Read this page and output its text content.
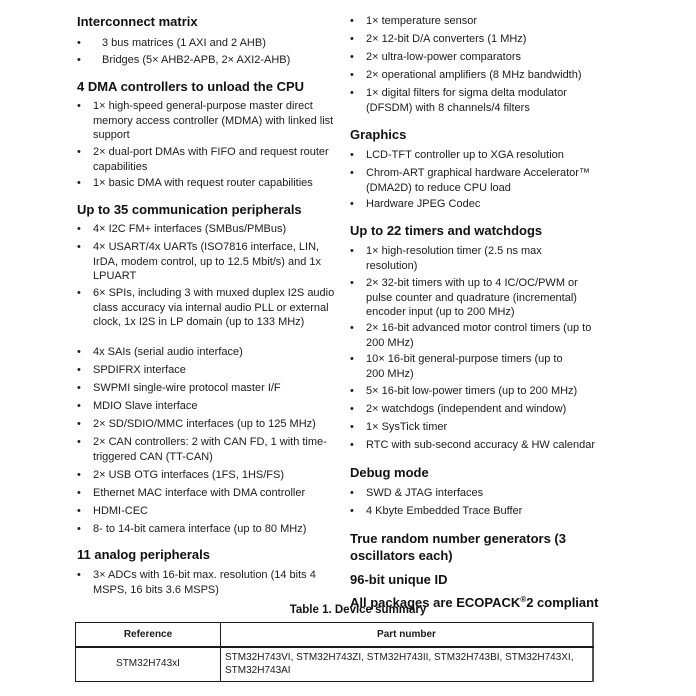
Interconnect matrix
•	3 bus matrices (1 AXI and 2 AHB)
•	Bridges (5× AHB2-APB, 2× AXI2-AHB)
4 DMA controllers to unload the CPU
•	1× high-speed general-purpose master direct memory access controller (MDMA) with linked list support
•	2× dual-port DMAs with FIFO and request router capabilities
•	1× basic DMA with request router capabilities
Up to 35 communication peripherals
•	4× I2C FM+ interfaces (SMBus/PMBus)
•	4× USART/4x UARTs (ISO7816 interface, LIN, IrDA, modem control, up to 12.5 Mbit/s) and 1x LPUART
•	6× SPIs, including 3 with muxed duplex I2S audio class accuracy via internal audio PLL or external clock, 1x I2S in LP domain (up to 133 MHz)
•	4x SAIs (serial audio interface)
•	SPDIFRX interface
•	SWPMI single-wire protocol master I/F
•	MDIO Slave interface
•	2× SD/SDIO/MMC interfaces (up to 125 MHz)
•	2× CAN controllers: 2 with CAN FD, 1 with time-triggered CAN (TT-CAN)
•	2× USB OTG interfaces (1FS, 1HS/FS)
•	Ethernet MAC interface with DMA controller
•	HDMI-CEC
•	8- to 14-bit camera interface (up to 80 MHz)
11 analog peripherals
•	3× ADCs with 16-bit max. resolution (14 bits 4 MSPS, 16 bits 3.6 MSPS)
•	1× temperature sensor
•	2× 12-bit D/A converters (1 MHz)
•	2× ultra-low-power comparators
•	2× operational amplifiers (8 MHz bandwidth)
•	1× digital filters for sigma delta modulator (DFSDM) with 8 channels/4 filters
Graphics
•	LCD-TFT controller up to XGA resolution
•	Chrom-ART graphical hardware Accelerator™ (DMA2D) to reduce CPU load
•	Hardware JPEG Codec
Up to 22 timers and watchdogs
•	1× high-resolution timer (2.5 ns max resolution)
•	2× 32-bit timers with up to 4 IC/OC/PWM or pulse counter and quadrature (incremental) encoder input (up to 200 MHz)
•	2× 16-bit advanced motor control timers (up to 200 MHz)
•	10× 16-bit general-purpose timers (up to 200 MHz)
•	5× 16-bit low-power timers (up to 200 MHz)
•	2× watchdogs (independent and window)
•	1× SysTick timer
•	RTC with sub-second accuracy & HW calendar
Debug mode
•	SWD & JTAG interfaces
•	4 Kbyte Embedded Trace Buffer
True random number generators (3 oscillators each)
96-bit unique ID
All packages are ECOPACK®2 compliant
Table 1. Device summary
Reference	Part number
STM32H743xI	STM32H743VI, STM32H743ZI, STM32H743II, STM32H743BI, STM32H743XI, STM32H743AI
